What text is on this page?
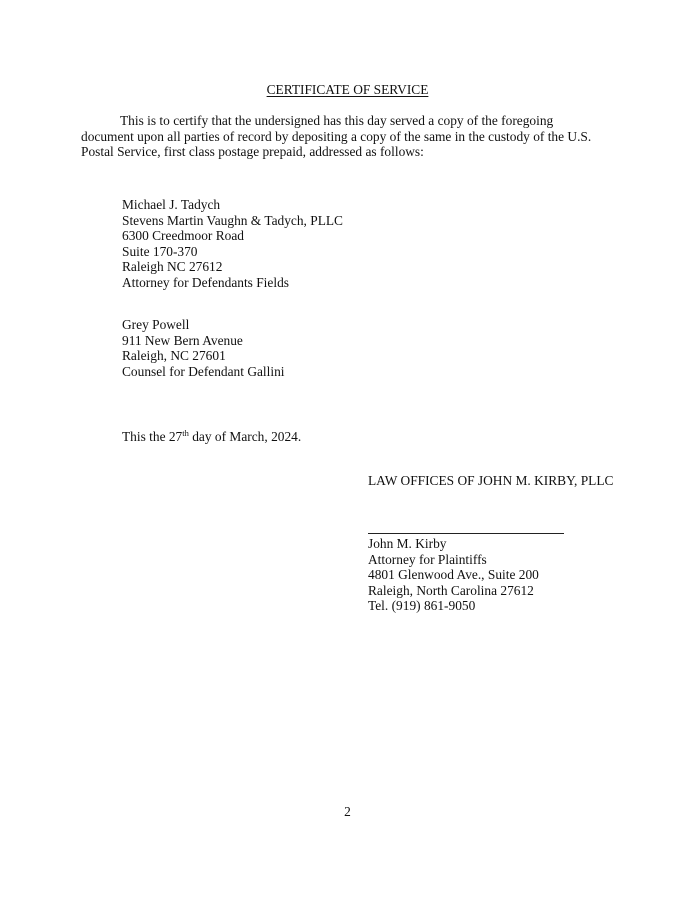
CERTIFICATE OF SERVICE
This is to certify that the undersigned has this day served a copy of the foregoing
document upon all parties of record by depositing a copy of the same in the custody of the U.S.
Postal Service, first class postage prepaid, addressed as follows:
Michael J. Tadych
Stevens Martin Vaughn & Tadych, PLLC
6300 Creedmoor Road
Suite 170-370
Raleigh NC 27612
Attorney for Defendants Fields
Grey Powell
911 New Bern Avenue
Raleigh, NC 27601
Counsel for Defendant Gallini
This the 27th day of March, 2024.
LAW OFFICES OF JOHN M. KIRBY, PLLC
John M. Kirby
Attorney for Plaintiffs
4801 Glenwood Ave., Suite 200
Raleigh, North Carolina 27612
Tel. (919) 861-9050
2
